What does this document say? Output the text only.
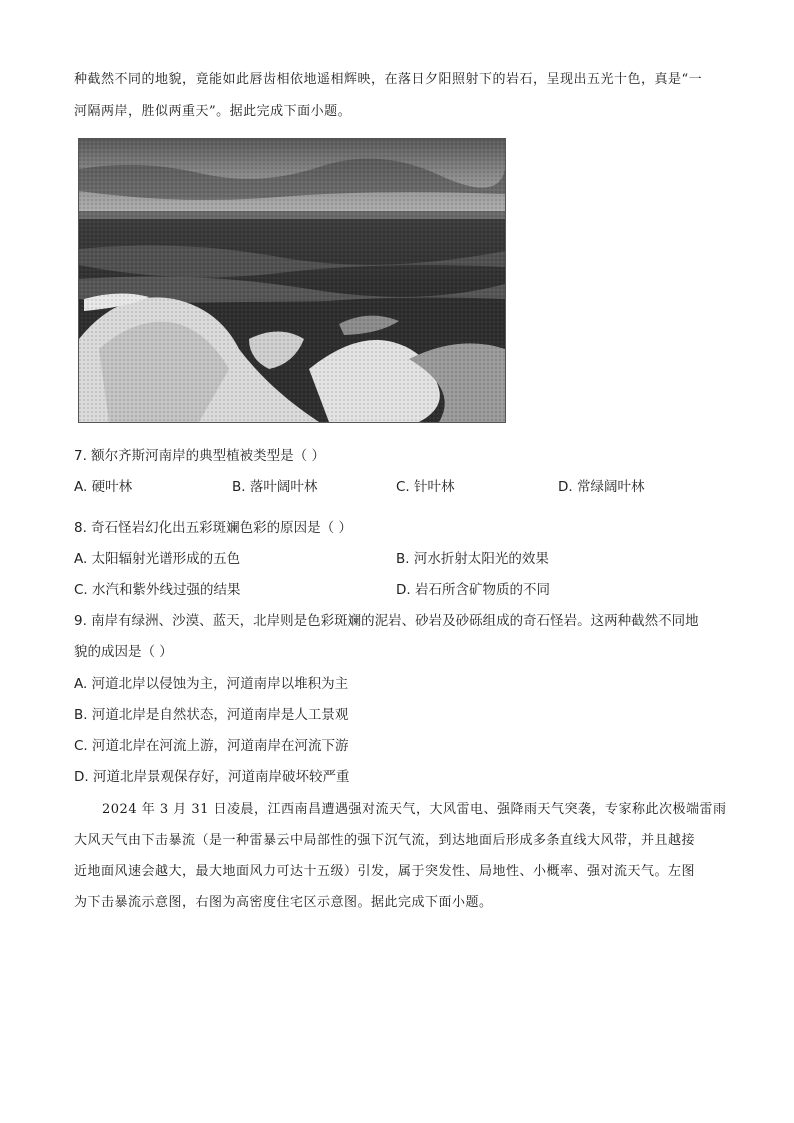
种截然不同的地貌，竟能如此唇齿相依地遥相辉映，在落日夕阳照射下的岩石，呈现出五光十色，真是“一
河隔两岸，胜似两重天”。据此完成下面小题。
7. 额尔齐斯河南岸的典型植被类型是（ ）
A. 硬叶林	B. 落叶阔叶林	C. 针叶林	D. 常绿阔叶林
8. 奇石怪岩幻化出五彩斑斓色彩的原因是（ ）
A. 太阳辐射光谱形成的五色	B. 河水折射太阳光的效果
C. 水汽和紫外线过强的结果	D. 岩石所含矿物质的不同
9. 南岸有绿洲、沙漠、蓝天，北岸则是色彩斑斓的泥岩、砂岩及砂砾组成的奇石怪岩。这两种截然不同地
貌的成因是（ ）
A. 河道北岸以侵蚀为主，河道南岸以堆积为主
B. 河道北岸是自然状态，河道南岸是人工景观
C. 河道北岸在河流上游，河道南岸在河流下游
D. 河道北岸景观保存好，河道南岸破坏较严重
2024 年 3 月 31 日凌晨，江西南昌遭遇强对流天气，大风雷电、强降雨天气突袭，专家称此次极端雷雨
大风天气由下击暴流（是一种雷暴云中局部性的强下沉气流，到达地面后形成多条直线大风带，并且越接
近地面风速会越大，最大地面风力可达十五级）引发，属于突发性、局地性、小概率、强对流天气。左图
为下击暴流示意图，右图为高密度住宅区示意图。据此完成下面小题。
